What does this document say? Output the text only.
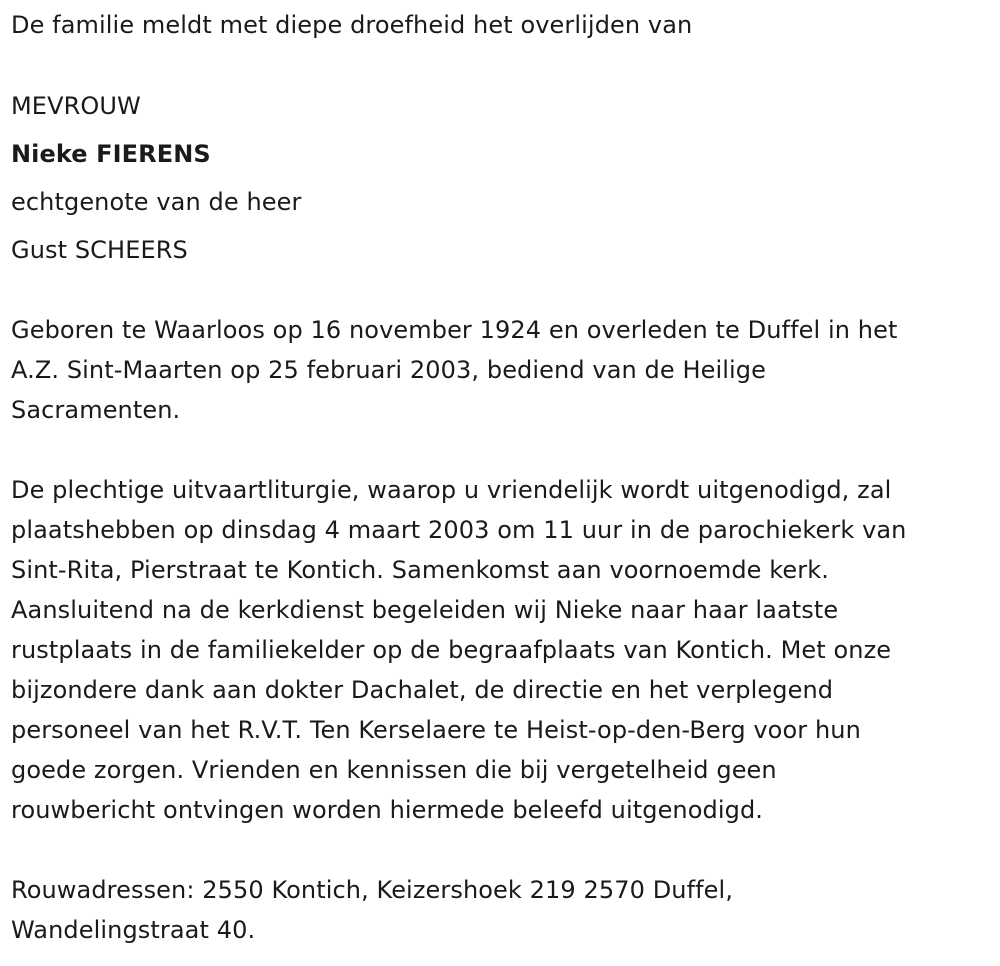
De familie meldt met diepe droefheid het overlijden van
MEVROUW
Nieke FIERENS
echtgenote van de heer
Gust SCHEERS
Geboren te Waarloos op 16 november 1924 en overleden te Duffel in het
A.Z. Sint-Maarten op 25 februari 2003, bediend van de Heilige
Sacramenten.
De plechtige uitvaartliturgie, waarop u vriendelijk wordt uitgenodigd, zal
plaatshebben op dinsdag 4 maart 2003 om 11 uur in de parochiekerk van
Sint-Rita, Pierstraat te Kontich. Samenkomst aan voornoemde kerk.
Aansluitend na de kerkdienst begeleiden wij Nieke naar haar laatste
rustplaats in de familiekelder op de begraafplaats van Kontich. Met onze
bijzondere dank aan dokter Dachalet, de directie en het verplegend
personeel van het R.V.T. Ten Kerselaere te Heist-op-den-Berg voor hun
goede zorgen. Vrienden en kennissen die bij vergetelheid geen
rouwbericht ontvingen worden hiermede beleefd uitgenodigd.
Rouwadressen: 2550 Kontich, Keizershoek 219 2570 Duffel,
Wandelingstraat 40.
